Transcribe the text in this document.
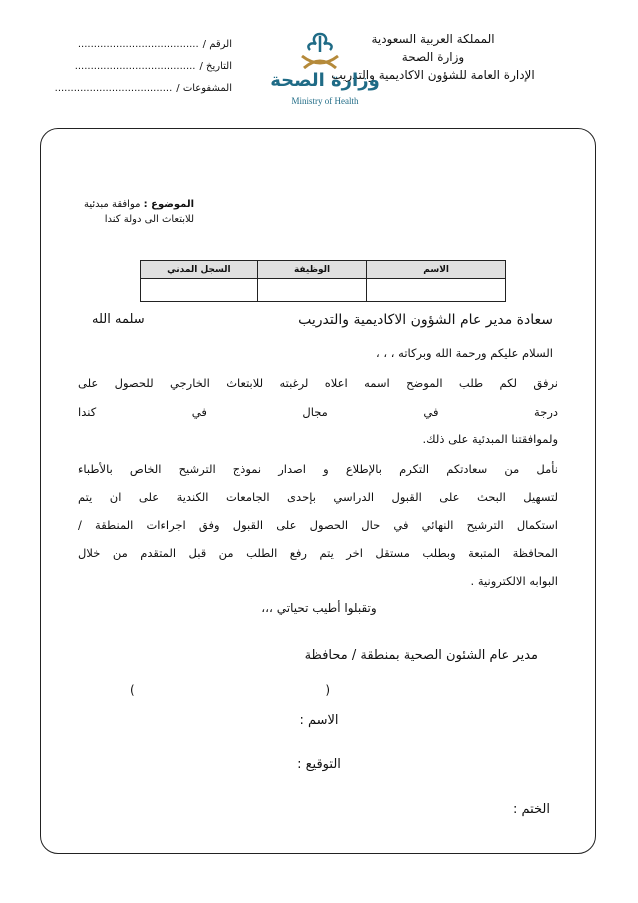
المملكة العربية السعودية
وزارة الصحة
الإدارة العامة للشؤون الاكاديمية والتدريب
الرقم /
......................................
التاريخ /
......................................
المشفوعات /
.....................................	وزارة الصحة
Ministry of Health
الموضوع : موافقة مبدئية
للابتعاث الى دولة كندا
الاسم	الوظيفة	السجل المدني

سعادة مدير عام الشؤون الاكاديمية والتدريب
سلمه الله
السلام عليكم ورحمة الله وبركاته ، ، ،
نرفق لكم طلب الموضح اسمه اعلاه لرغبته للابتعاث الخارجي للحصول على
درجة في مجال في كندا
ولموافقتنا المبدئية على ذلك.
نأمل من سعادتكم التكرم بالإطلاع و اصدار نموذج الترشيح الخاص بالأطباء
لتسهيل البحث على القبول الدراسي بإحدى الجامعات الكندية على ان يتم
استكمال الترشيح النهائي في حال الحصول على القبول وفق اجراءات المنطقة /
المحافظة المتبعة وبطلب مستقل اخر يتم رفع الطلب من قبل المتقدم من خلال
البوابه الالكترونية .
وتقبلوا أطيب تحياتي ،،،
مدير عام الشئون الصحية بمنطقة / محافظة
(	)
الاسم :
التوقيع :
الختم :
